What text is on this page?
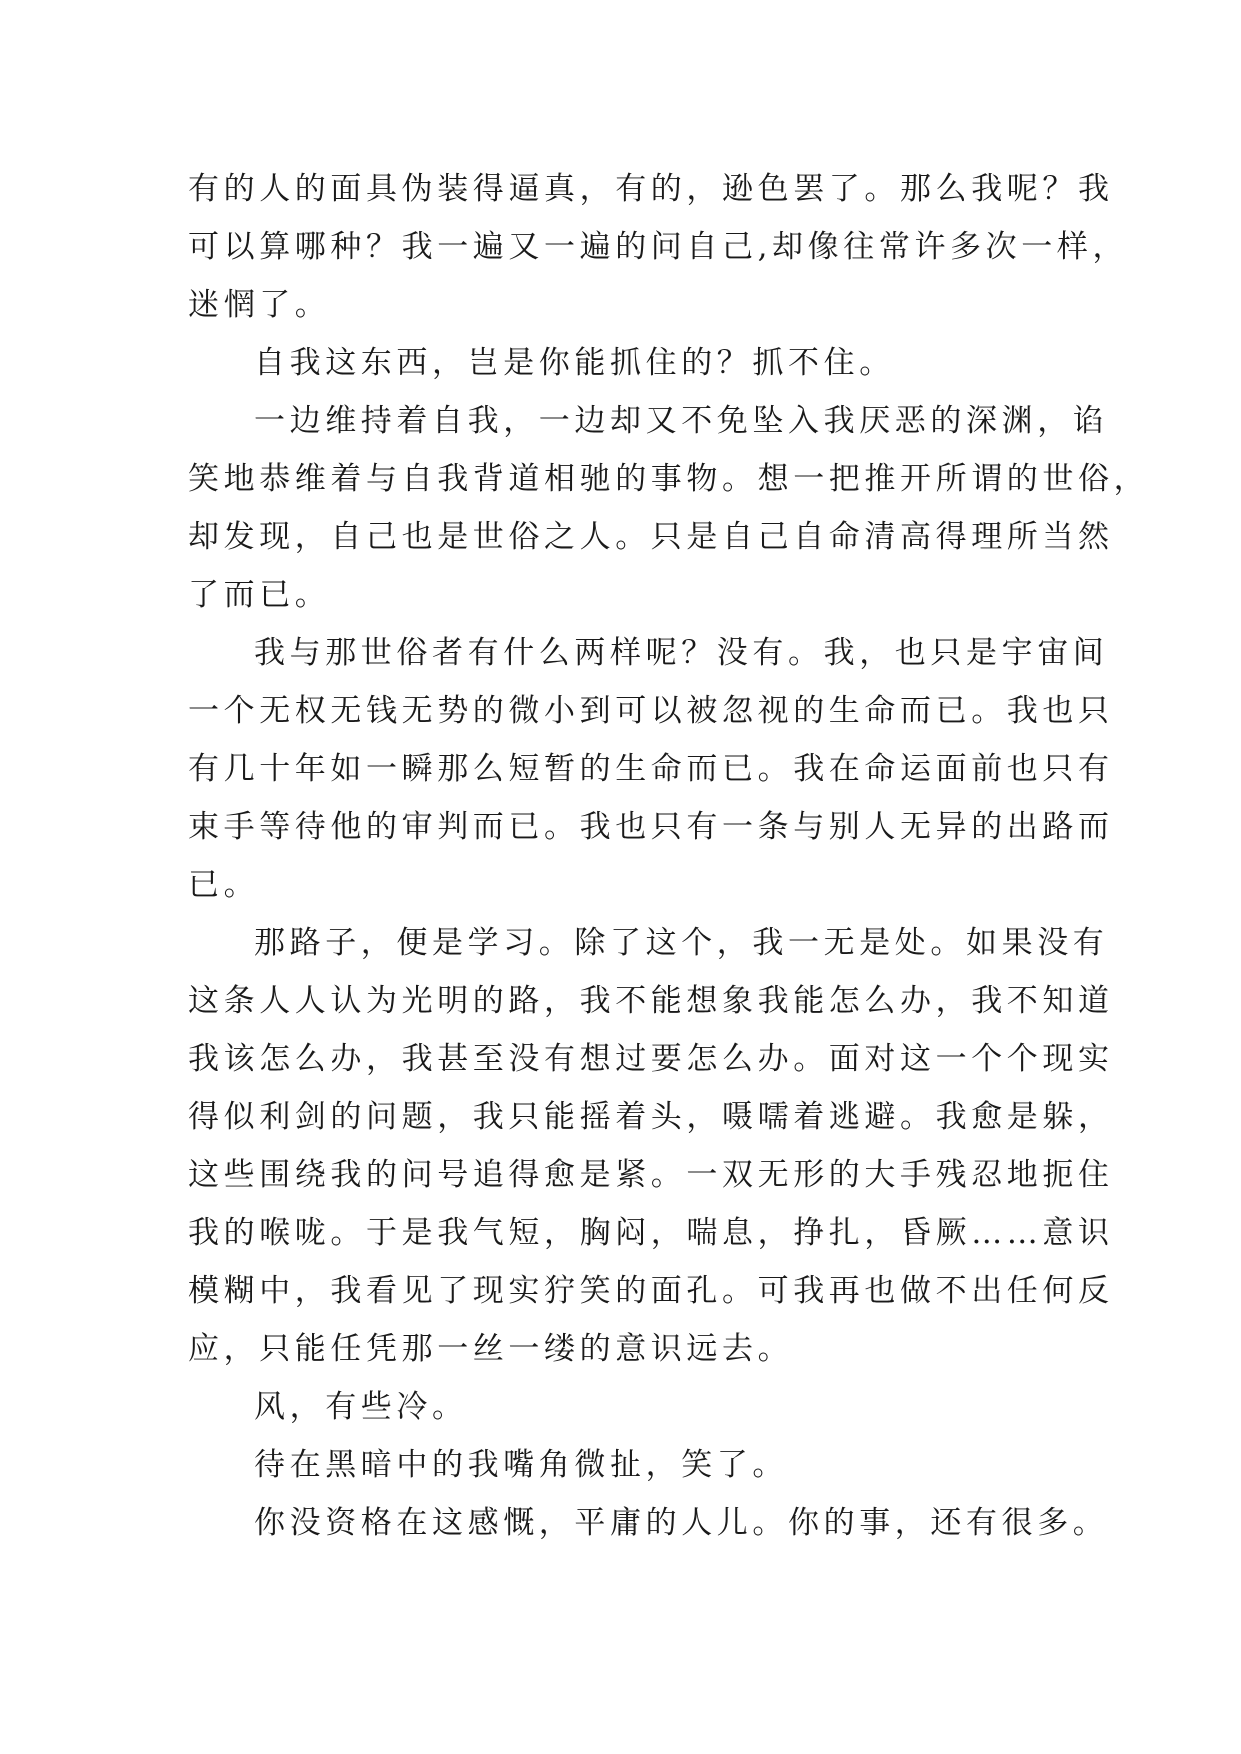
有的人的面具伪装得逼真，有的，逊色罢了。那么我呢？我
可以算哪种？我一遍又一遍的问自己,却像往常许多次一样，
迷惘了。
自我这东西，岂是你能抓住的？抓不住。
一边维持着自我，一边却又不免坠入我厌恶的深渊，谄
笑地恭维着与自我背道相驰的事物。想一把推开所谓的世俗，
却发现，自己也是世俗之人。只是自己自命清高得理所当然
了而已。
我与那世俗者有什么两样呢？没有。我，也只是宇宙间
一个无权无钱无势的微小到可以被忽视的生命而已。我也只
有几十年如一瞬那么短暂的生命而已。我在命运面前也只有
束手等待他的审判而已。我也只有一条与别人无异的出路而
已。
那路子，便是学习。除了这个，我一无是处。如果没有
这条人人认为光明的路，我不能想象我能怎么办，我不知道
我该怎么办，我甚至没有想过要怎么办。面对这一个个现实
得似利剑的问题，我只能摇着头，嗫嚅着逃避。我愈是躲，
这些围绕我的问号追得愈是紧。一双无形的大手残忍地扼住
我的喉咙。于是我气短，胸闷，喘息，挣扎，昏厥……意识
模糊中，我看见了现实狞笑的面孔。可我再也做不出任何反
应，只能任凭那一丝一缕的意识远去。
风，有些冷。
待在黑暗中的我嘴角微扯，笑了。
你没资格在这感慨，平庸的人儿。你的事，还有很多。
